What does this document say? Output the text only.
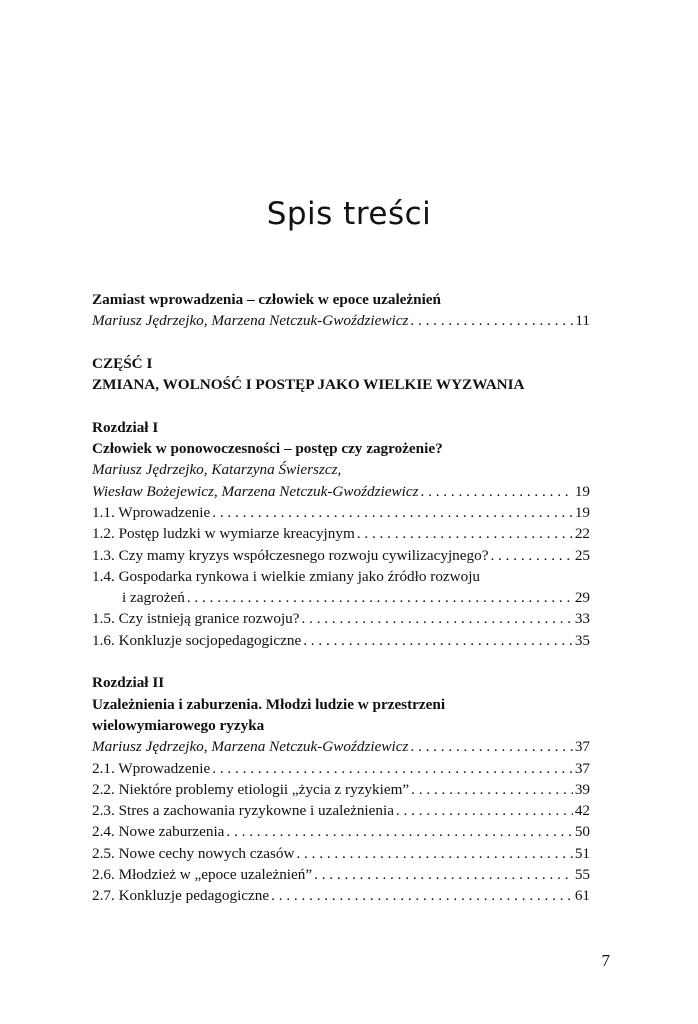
Spis treści
Zamiast wprowadzenia – człowiek w epoce uzależnień
Mariusz Jędrzejko, Marzena Netczuk-Gwoździewicz . . .	11
CZĘŚĆ I
ZMIANA, WOLNOŚĆ I POSTĘP JAKO WIELKIE WYZWANIA
Rozdział I
Człowiek w ponowoczesności – postęp czy zagrożenie?
Mariusz Jędrzejko, Katarzyna Świerszcz,
Wiesław Bożejewicz, Marzena Netczuk-Gwoździewicz . . .	19
1.1. Wprowadzenie . . .	19
1.2. Postęp ludzki w wymiarze kreacyjnym . . .	22
1.3. Czy mamy kryzys współczesnego rozwoju cywilizacyjnego? . . .	25
1.4. Gospodarka rynkowa i wielkie zmiany jako źródło rozwoju
i zagrożeń . . .	29
1.5. Czy istnieją granice rozwoju? . . .	33
1.6. Konkluzje socjopedagogiczne . . .	35
Rozdział II
Uzależnienia i zaburzenia. Młodzi ludzie w przestrzeni
wielowymiarowego ryzyka
Mariusz Jędrzejko, Marzena Netczuk-Gwoździewicz . . .	37
2.1. Wprowadzenie . . .	37
2.2. Niektóre problemy etiologii „życia z ryzykiem” . . .	39
2.3. Stres a zachowania ryzykowne i uzależnienia . . .	42
2.4. Nowe zaburzenia . . .	50
2.5. Nowe cechy nowych czasów . . .	51
2.6. Młodzież w „epoce uzależnień” . . .	55
2.7. Konkluzje pedagogiczne . . .	61
7
